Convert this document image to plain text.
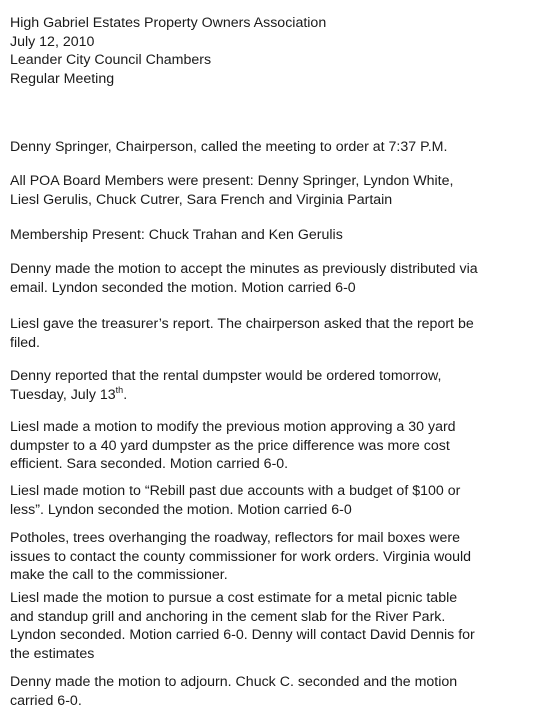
High Gabriel Estates Property Owners Association
July 12, 2010
Leander City Council Chambers
Regular Meeting

Denny Springer, Chairperson, called the meeting to order at 7:37 P.M.

All POA Board Members were present: Denny Springer, Lyndon White,
Liesl Gerulis, Chuck Cutrer, Sara French and Virginia Partain

Membership Present: Chuck Trahan and Ken Gerulis

Denny made the motion to accept the minutes as previously distributed via
email. Lyndon seconded the motion. Motion carried 6-0

Liesl gave the treasurer’s report. The chairperson asked that the report be
filed.

Denny reported that the rental dumpster would be ordered tomorrow,
Tuesday, July 13th.

Liesl made a motion to modify the previous motion approving a 30 yard
dumpster to a 40 yard dumpster as the price difference was more cost
efficient. Sara seconded. Motion carried 6-0.

Liesl made motion to “Rebill past due accounts with a budget of $100 or
less”. Lyndon seconded the motion. Motion carried 6-0

Potholes, trees overhanging the roadway, reflectors for mail boxes were
issues to contact the county commissioner for work orders. Virginia would
make the call to the commissioner.

Liesl made the motion to pursue a cost estimate for a metal picnic table
and standup grill and anchoring in the cement slab for the River Park.
Lyndon seconded. Motion carried 6-0. Denny will contact David Dennis for
the estimates

Denny made the motion to adjourn. Chuck C. seconded and the motion
carried 6-0.
